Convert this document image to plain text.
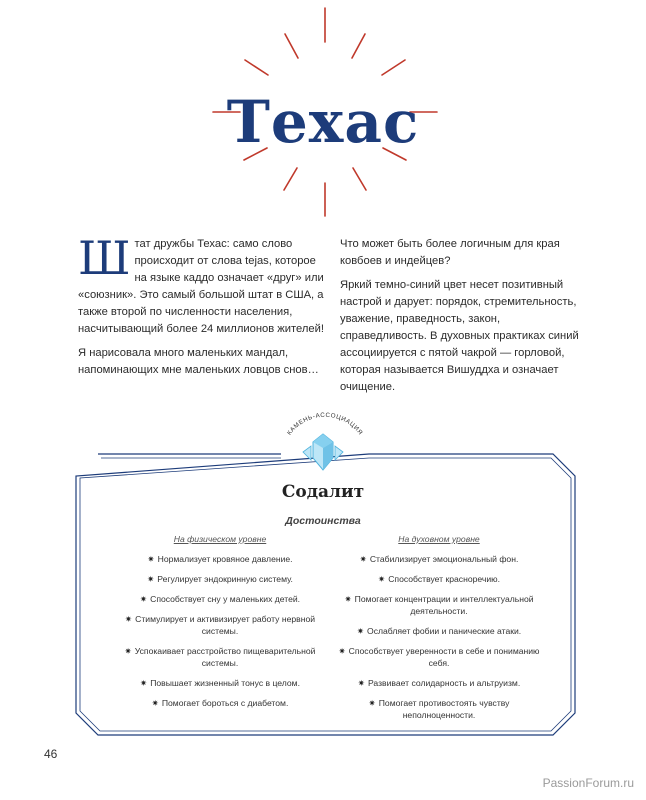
Техас

Штат дружбы Техас: само слово происходит от слова tejas, которое на языке каддо означает «друг» или «союзник». Это самый большой штат в США, а также второй по численности населения, насчитывающий более 24 миллионов жителей!

Я нарисовала много маленьких мандал, напоминающих мне маленьких ловцов снов…

Что может быть более логичным для края ковбоев и индейцев?

Яркий темно-синий цвет несет позитивный настрой и дарует: порядок, стремительность, уважение, праведность, закон, справедливость. В духовных практиках синий ассоциируется с пятой чакрой — горловой, которая называется Вишуддха и означает очищение.

КАМЕНЬ-АССОЦИАЦИЯ
Содалит
Достоинства
На физическом уровне
✷ Нормализует кровяное давление.
✷ Регулирует эндокринную систему.
✷ Способствует сну у маленьких детей.
✷ Стимулирует и активизирует работу нервной системы.
✷ Успокаивает расстройство пищеварительной системы.
✷ Повышает жизненный тонус в целом.
✷ Помогает бороться с диабетом.
На духовном уровне
✷ Стабилизирует эмоциональный фон.
✷ Способствует красноречию.
✷ Помогает концентрации и интеллектуальной деятельности.
✷ Ослабляет фобии и панические атаки.
✷ Способствует уверенности в себе и пониманию себя.
✷ Развивает солидарность и альтруизм.
✷ Помогает противостоять чувству неполноценности.
46
PassionForum.ru
